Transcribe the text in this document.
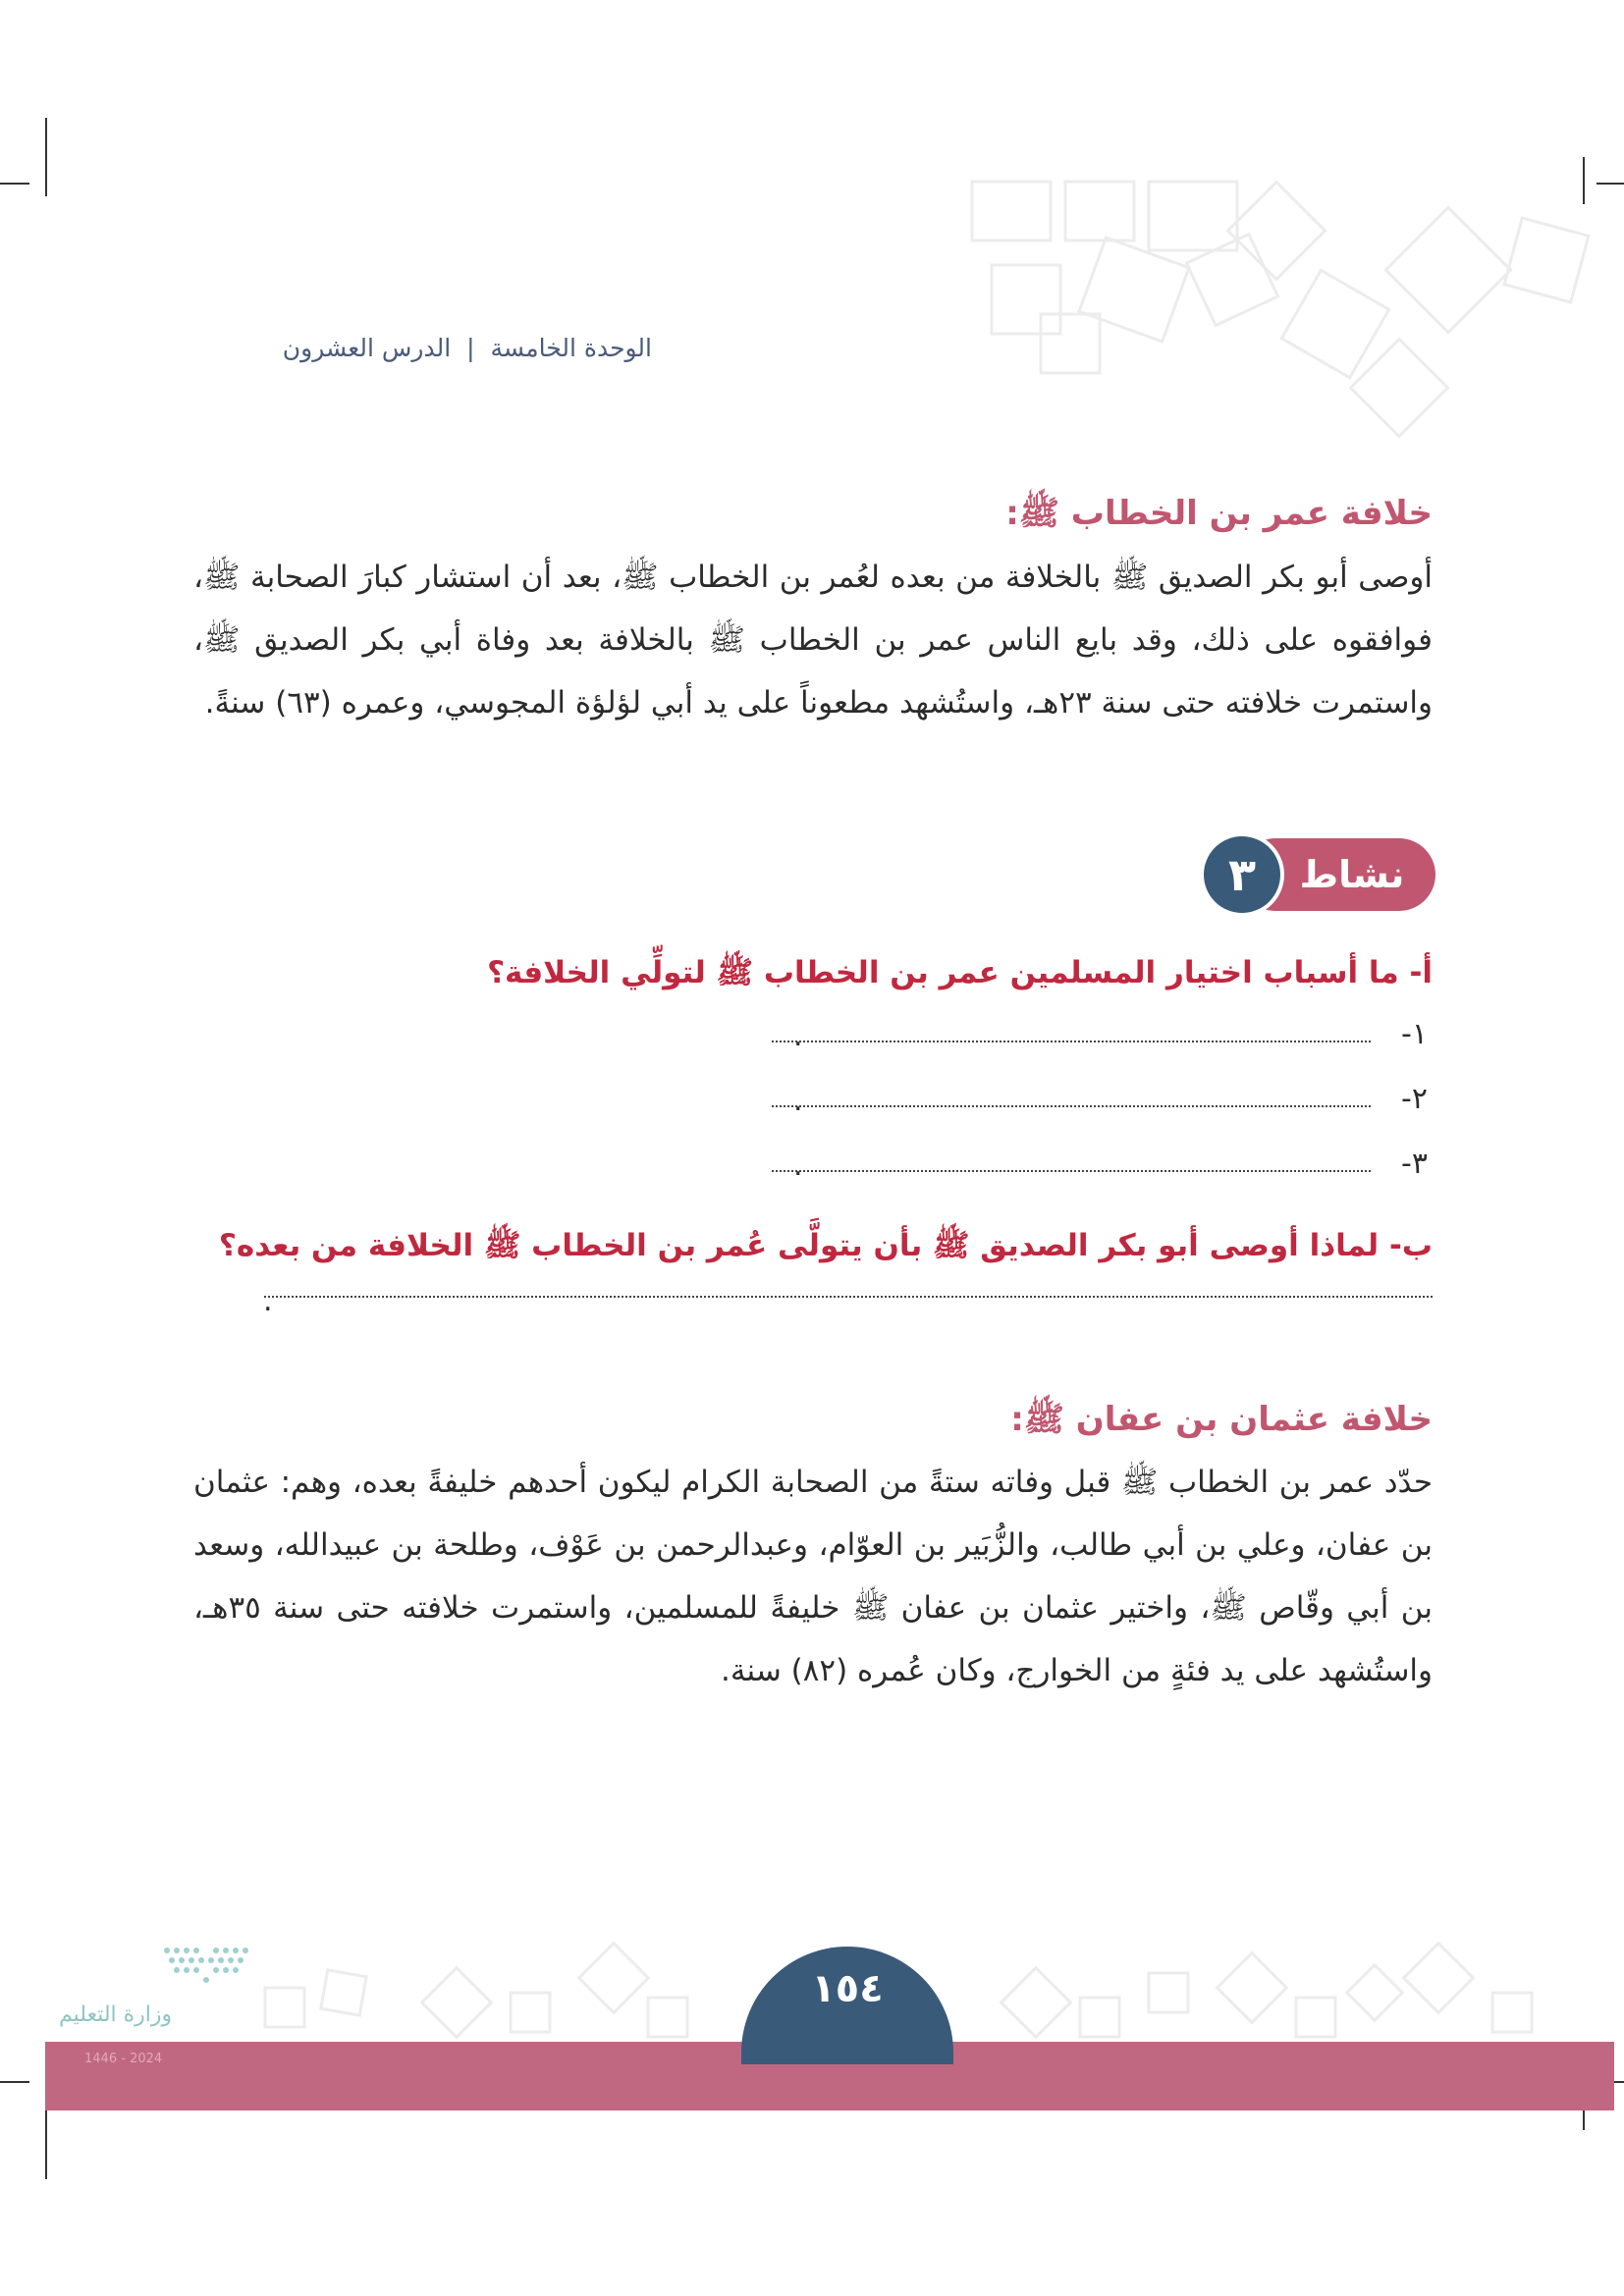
الوحدة الخامسة | الدرس العشرون
خلافة عمر بن الخطاب ﷺ:
أوصى أبو بكر الصديق ﷺ بالخلافة من بعده لعُمر بن الخطاب ﷺ، بعد أن استشار كبارَ الصحابة ﷺ، فوافقوه على ذلك، وقد بايع الناس عمر بن الخطاب ﷺ بالخلافة بعد وفاة أبي بكر الصديق ﷺ، واستمرت خلافته حتى سنة ٢٣هـ، واستُشهد مطعوناً على يد أبي لؤلؤة المجوسي، وعمره (٦٣) سنةً.
نشاط
٣
أ- ما أسباب اختيار المسلمين عمر بن الخطاب ﷺ لتولِّي الخلافة؟
١-
.
٢-
.
٣-
.
ب- لماذا أوصى أبو بكر الصديق ﷺ بأن يتولَّى عُمر بن الخطاب ﷺ الخلافة من بعده؟
.
خلافة عثمان بن عفان ﷺ:
حدّد عمر بن الخطاب ﷺ قبل وفاته ستةً من الصحابة الكرام ليكون أحدهم خليفةً بعده، وهم: عثمان بن عفان، وعلي بن أبي طالب، والزُّبَير بن العوّام، وعبدالرحمن بن عَوْف، وطلحة بن عبيدالله، وسعد بن أبي وقّاص ﷺ، واختير عثمان بن عفان ﷺ خليفةً للمسلمين، واستمرت خلافته حتى سنة ٣٥هـ، واستُشهد على يد فئةٍ من الخوارج، وكان عُمره (٨٢) سنة.
وزارة التعليم
2024 - 1446
١٥٤
